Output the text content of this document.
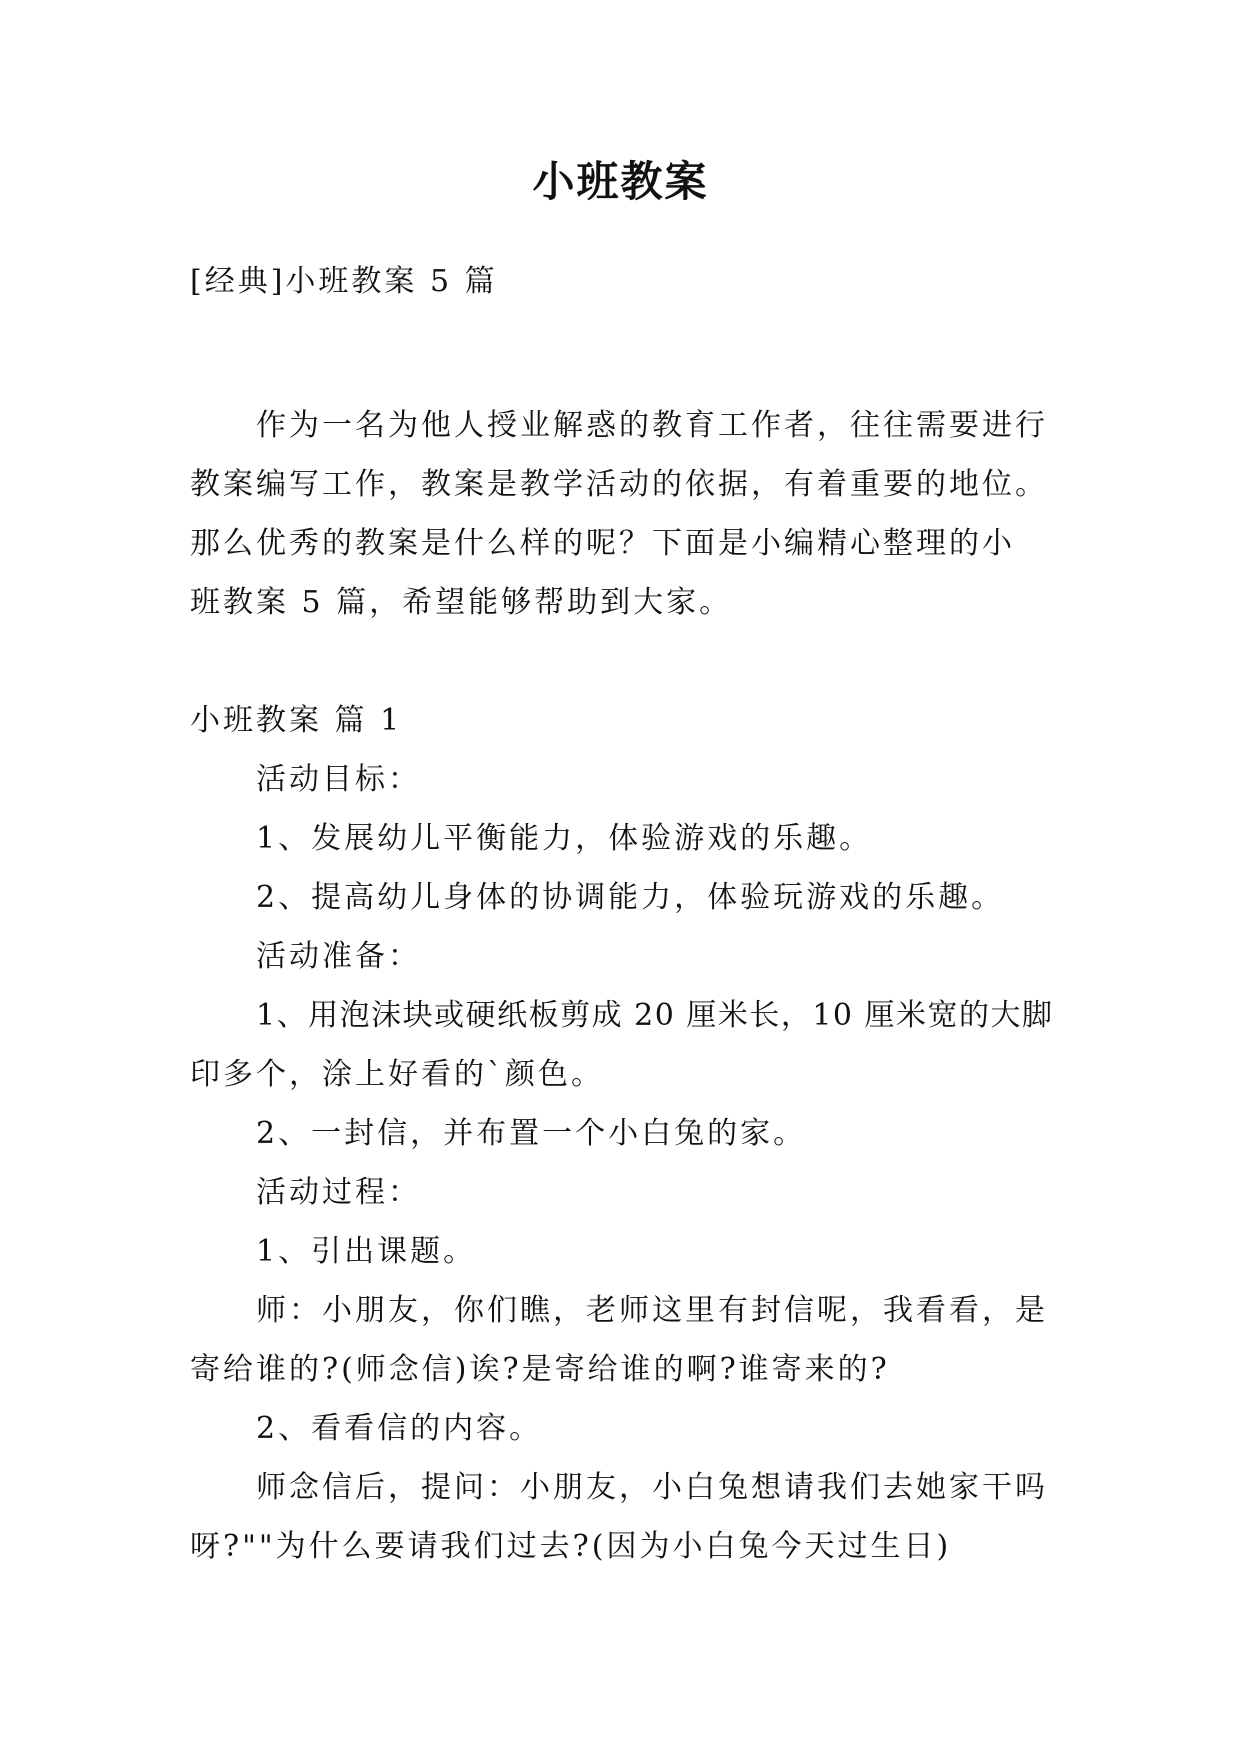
小班教案
[经典]小班教案 5 篇
作为一名为他人授业解惑的教育工作者，往往需要进行
教案编写工作，教案是教学活动的依据，有着重要的地位。
那么优秀的教案是什么样的呢？下面是小编精心整理的小
班教案 5 篇，希望能够帮助到大家。
小班教案 篇 1
活动目标：
1、发展幼儿平衡能力，体验游戏的乐趣。
2、提高幼儿身体的协调能力，体验玩游戏的乐趣。
活动准备：
1、用泡沫块或硬纸板剪成 20 厘米长，10 厘米宽的大脚
印多个，涂上好看的`颜色。
2、一封信，并布置一个小白兔的家。
活动过程：
1、引出课题。
师：小朋友，你们瞧，老师这里有封信呢，我看看，是
寄给谁的?(师念信)诶?是寄给谁的啊?谁寄来的?
2、看看信的内容。
师念信后，提问：小朋友，小白兔想请我们去她家干吗
呀?""为什么要请我们过去?(因为小白兔今天过生日)
